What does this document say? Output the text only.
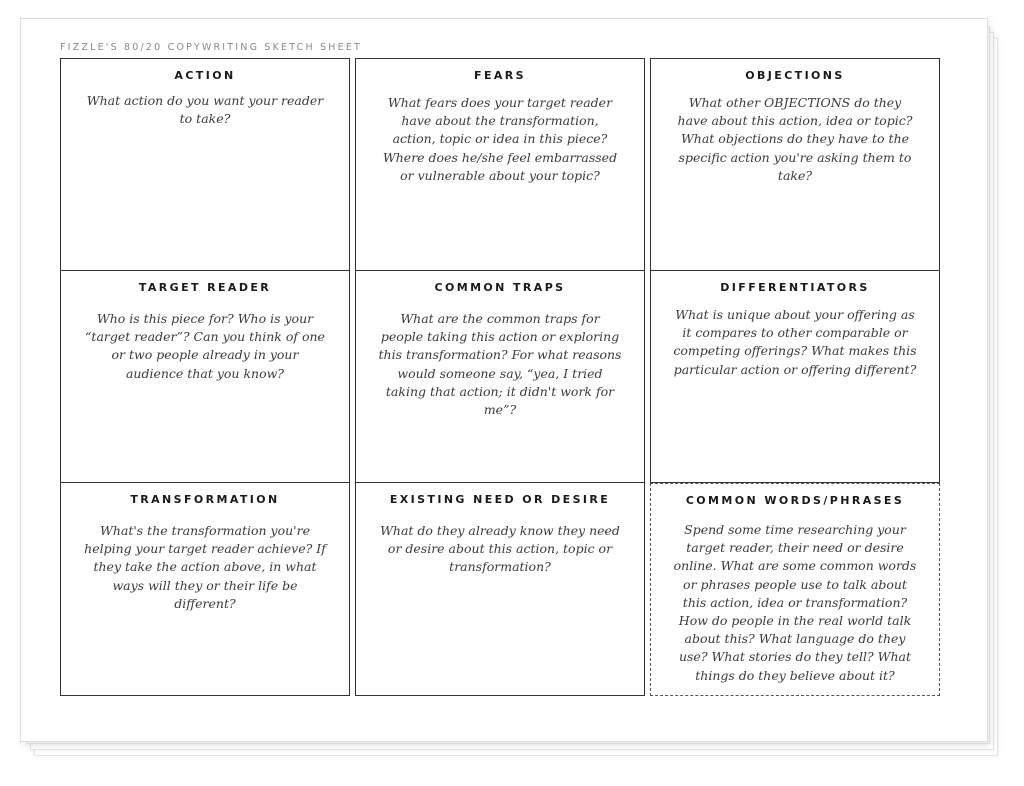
FIZZLE'S 80/20 COPYWRITING SKETCH SHEET
ACTION
What action do you want your reader to take?
FEARS
What fears does your target reader have about the transformation, action, topic or idea in this piece? Where does he/she feel embarrassed or vulnerable about your topic?
OBJECTIONS
What other OBJECTIONS do they have about this action, idea or topic? What objections do they have to the specific action you're asking them to take?
TARGET READER
Who is this piece for? Who is your “target reader”? Can you think of one or two people already in your audience that you know?
COMMON TRAPS
What are the common traps for people taking this action or exploring this transformation? For what reasons would someone say, “yea, I tried taking that action; it didn't work for me”?
DIFFERENTIATORS
What is unique about your offering as it compares to other comparable or competing offerings? What makes this particular action or offering different?
TRANSFORMATION
What's the transformation you're helping your target reader achieve? If they take the action above, in what ways will they or their life be different?
EXISTING NEED OR DESIRE
What do they already know they need or desire about this action, topic or transformation?
COMMON WORDS/PHRASES
Spend some time researching your target reader, their need or desire online. What are some common words or phrases people use to talk about this action, idea or transformation? How do people in the real world talk about this? What language do they use? What stories do they tell? What things do they believe about it?
